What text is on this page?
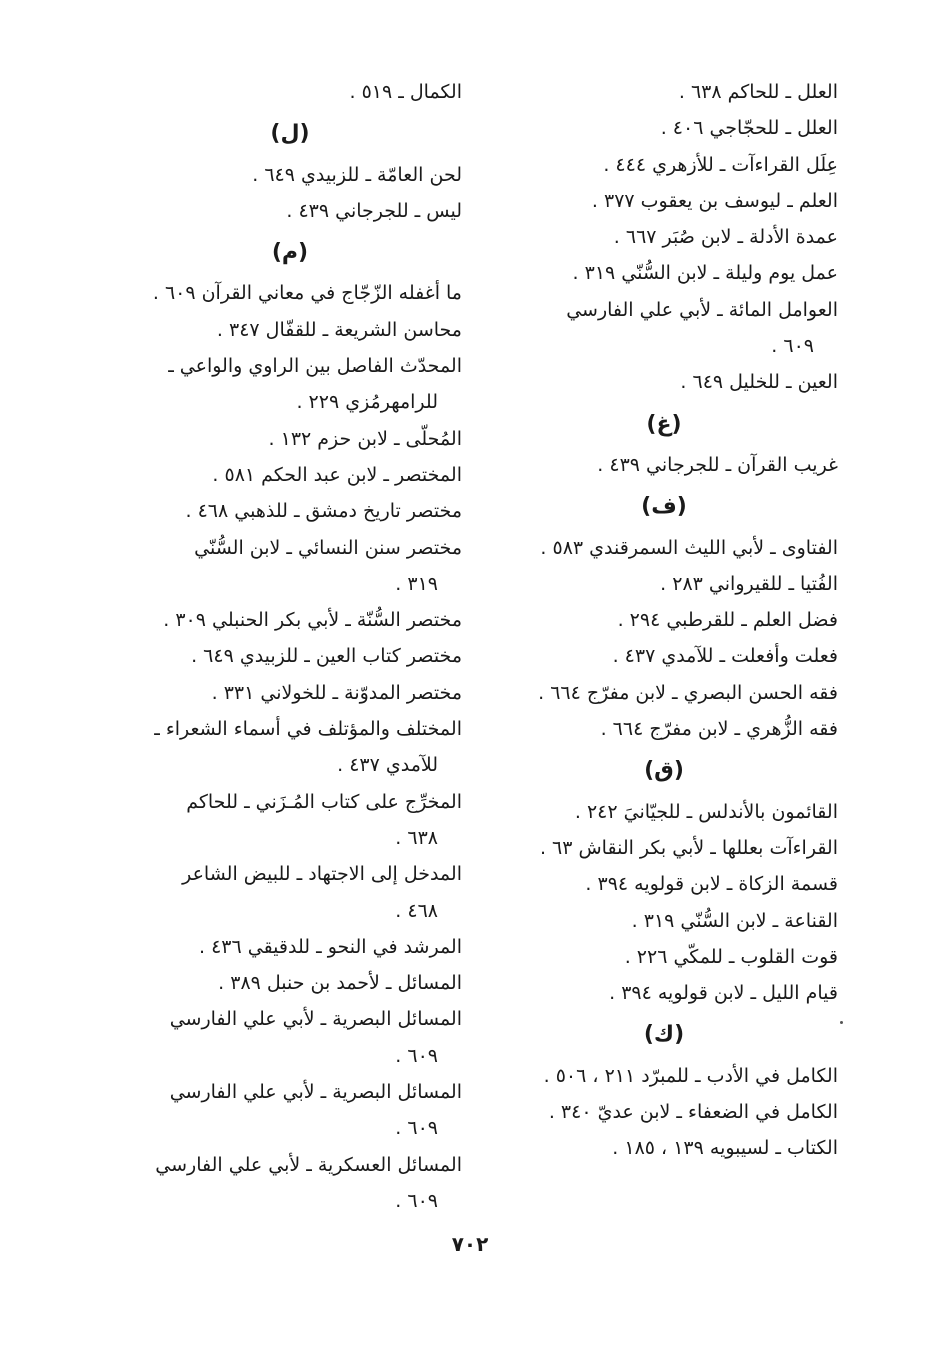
الكمال ـ ٥١٩ .
(ل)
لحن العامّة ـ للزبيدي ٦٤٩ .
ليس ـ للجرجاني ٤٣٩ .
(م)
ما أغفله الزّجّاج في معاني القرآن ٦٠٩ .
محاسن الشريعة ـ للقفّال ٣٤٧ .
المحدّث الفاصل بين الراوي والواعي ـ
للرامهرمُزي ٢٢٩ .
المُحلّى ـ لابن حزم ١٣٢ .
المختصر ـ لابن عبد الحكم ٥٨١ .
مختصر تاريخ دمشق ـ للذهبي ٤٦٨ .
مختصر سنن النسائي ـ لابن السُّنّي
٣١٩ .
مختصر السُّنّة ـ لأبي بكر الحنبلي ٣٠٩ .
مختصر كتاب العين ـ للزبيدي ٦٤٩ .
مختصر المدوّنة ـ للخولاني ٣٣١ .
المختلف والمؤتلف في أسماء الشعراء ـ
للآمدي ٤٣٧ .
المخرِّج على كتاب المُـزَني ـ للحاكم
٦٣٨ .
المدخل إلى الاجتهاد ـ للبيض الشاعر
٤٦٨ .
المرشد في النحو ـ للدقيقي ٤٣٦ .
المسائل ـ لأحمد بن حنبل ٣٨٩ .
المسائل البصرية ـ لأبي علي الفارسي
٦٠٩ .
المسائل البصرية ـ لأبي علي الفارسي
٦٠٩ .
المسائل العسكرية ـ لأبي علي الفارسي
٦٠٩ .
العلل ـ للحاكم ٦٣٨ .
العلل ـ للحجّاجي ٤٠٦ .
عِلَل القراءآت ـ للأزهري ٤٤٤ .
العلم ـ ليوسف بن يعقوب ٣٧٧ .
عمدة الأدلة ـ لابن صُبَر ٦٦٧ .
عمل يوم وليلة ـ لابن السُّنّي ٣١٩ .
العوامل المائة ـ لأبي علي الفارسي
٦٠٩ .
العين ـ للخليل ٦٤٩ .
(غ)
غريب القرآن ـ للجرجاني ٤٣٩ .
(ف)
الفتاوى ـ لأبي الليث السمرقندي ٥٨٣ .
الفُتيا ـ للقيرواني ٢٨٣ .
فضل العلم ـ للقرطبي ٢٩٤ .
فعلت وأفعلت ـ للآمدي ٤٣٧ .
فقه الحسن البصري ـ لابن مفرّج ٦٦٤ .
فقه الزُّهري ـ لابن مفرّج ٦٦٤ .
(ق)
القائمون بالأندلس ـ للجيّانيَ ٢٤٢ .
القراءآت بعللها ـ لأبي بكر النقاش ٦٣ .
قسمة الزكاة ـ لابن قولويه ٣٩٤ .
القناعة ـ لابن السُّنّي ٣١٩ .
قوت القلوب ـ للمكّي ٢٢٦ .
قيام الليل ـ لابن قولويه ٣٩٤ .
(ك)
الكامل في الأدب ـ للمبرّد ٢١١ ، ٥٠٦ .
الكامل في الضعفاء ـ لابن عديّ ٣٤٠ .
الكتاب ـ لسيبويه ١٣٩ ، ١٨٥ .
٧٠٢
